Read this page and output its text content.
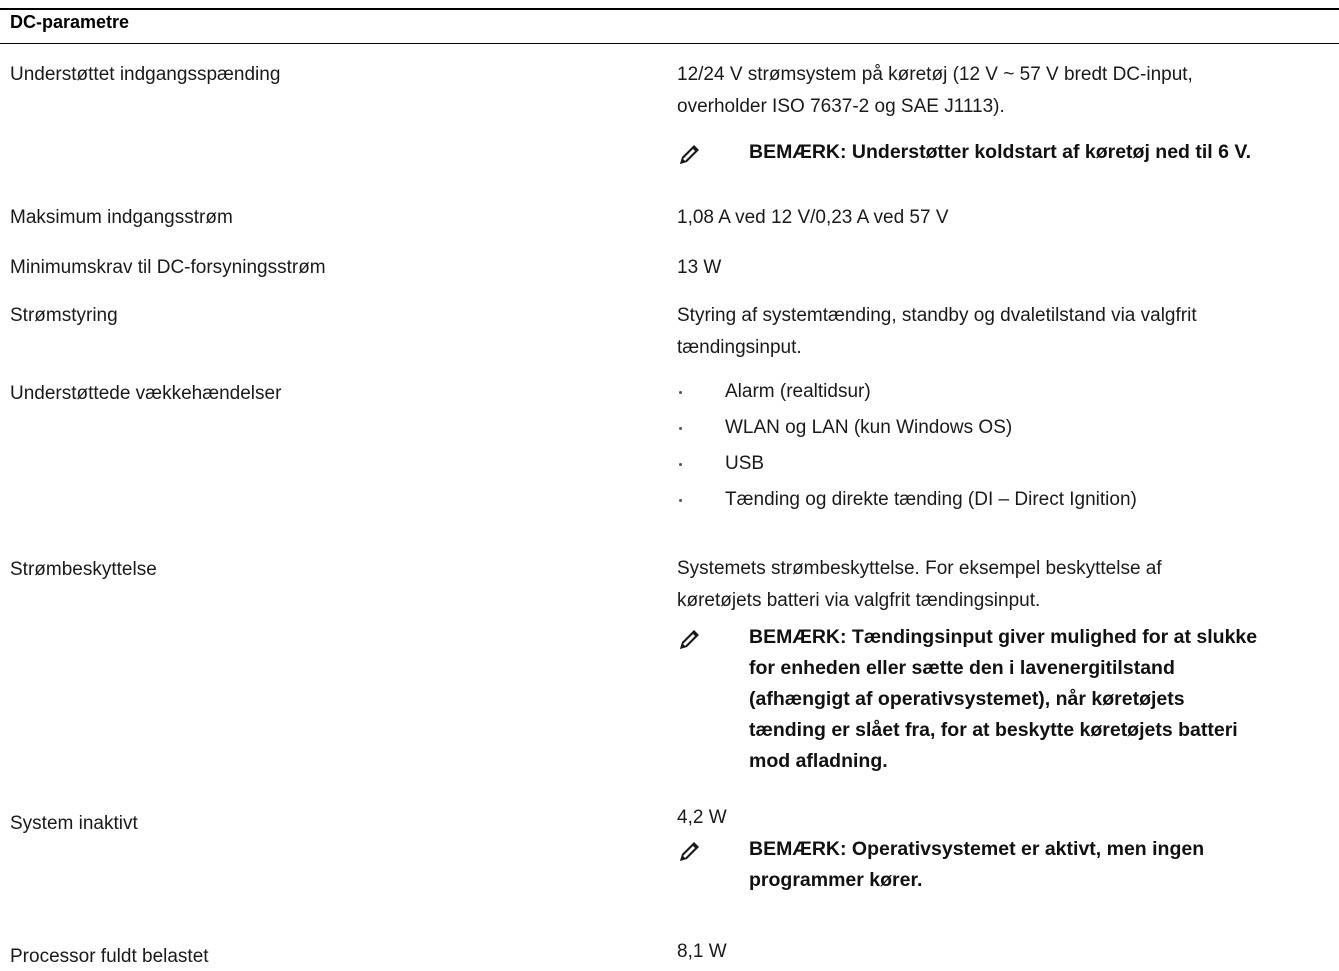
DC-parametre
Understøttet indgangsspænding	12/24 V strømsystem på køretøj (12 V ~ 57 V bredt DC-input,
overholder ISO 7637-2 og SAE J1113).
BEMÆRK: Understøtter koldstart af køretøj ned til 6 V.
Maksimum indgangsstrøm	1,08 A ved 12 V/0,23 A ved 57 V
Minimumskrav til DC-forsyningsstrøm	13 W
Strømstyring	Styring af systemtænding, standby og dvaletilstand via valgfrit
tændingsinput.
Understøttede vækkehændelser	Alarm (realtidsur)
WLAN og LAN (kun Windows OS)
USB
Tænding og direkte tænding (DI – Direct Ignition)
Strømbeskyttelse	Systemets strømbeskyttelse. For eksempel beskyttelse af
køretøjets batteri via valgfrit tændingsinput.
BEMÆRK: Tændingsinput giver mulighed for at slukke
for enheden eller sætte den i lavenergitilstand
(afhængigt af operativsystemet), når køretøjets
tænding er slået fra, for at beskytte køretøjets batteri
mod afladning.
System inaktivt	4,2 W
BEMÆRK: Operativsystemet er aktivt, men ingen
programmer kører.
Processor fuldt belastet	8,1 W
